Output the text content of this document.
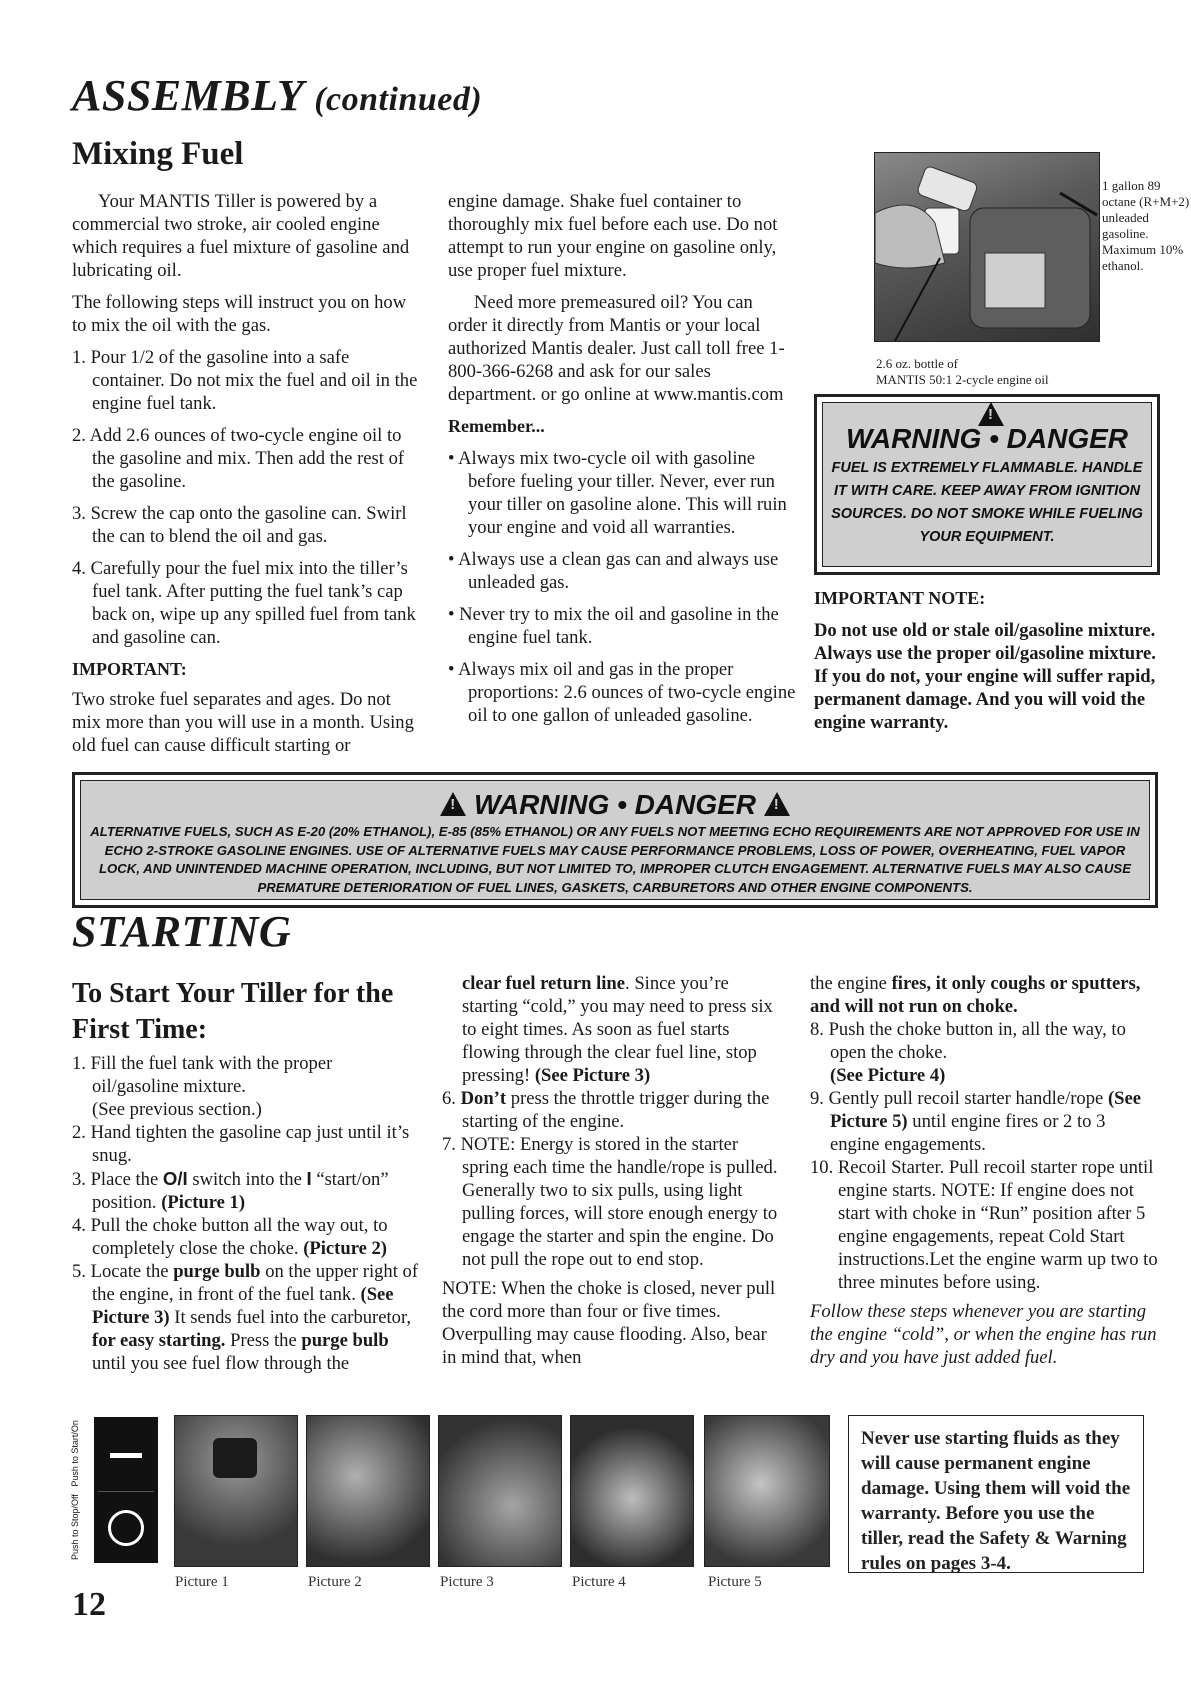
ASSEMBLY (continued)
Mixing Fuel

Your MANTIS Tiller is powered by a commercial two stroke, air cooled engine which requires a fuel mixture of gasoline and lubricating oil.

The following steps will instruct you on how to mix the oil with the gas.

1. Pour 1/2 of the gasoline into a safe container. Do not mix the fuel and oil in the engine fuel tank.
2. Add 2.6 ounces of two-cycle engine oil to the gasoline and mix. Then add the rest of the gasoline.
3. Screw the cap onto the gasoline can. Swirl the can to blend the oil and gas.
4. Carefully pour the fuel mix into the tiller’s fuel tank. After putting the fuel tank’s cap back on, wipe up any spilled fuel from tank and gasoline can.
IMPORTANT:

Two stroke fuel separates and ages. Do not mix more than you will use in a month. Using old fuel can cause difficult starting or

engine damage. Shake fuel container to thoroughly mix fuel before each use. Do not attempt to run your engine on gasoline only, use proper fuel mixture.

Need more premeasured oil? You can order it directly from Mantis or your local authorized Mantis dealer. Just call toll free 1-800-366-6268 and ask for our sales department. or go online at www.mantis.com

Remember...
• Always mix two-cycle oil with gasoline before fueling your tiller. Never, ever run your tiller on gasoline alone. This will ruin your engine and void all warranties.
• Always use a clean gas can and always use unleaded gas.
• Never try to mix the oil and gasoline in the engine fuel tank.
• Always mix oil and gas in the proper proportions: 2.6 ounces of two-cycle engine oil to one gallon of unleaded gasoline.
1 gallon 89 octane (R+M+2) unleaded gasoline. Maximum 10% ethanol.
2.6 oz. bottle of
MANTIS 50:1 2-cycle engine oil
WARNING • DANGER
FUEL IS EXTREMELY FLAMMABLE. HANDLE IT WITH CARE. KEEP AWAY FROM IGNITION SOURCES. DO NOT SMOKE WHILE FUELING YOUR EQUIPMENT.
!
IMPORTANT NOTE:

Do not use old or stale oil/gasoline mixture. Always use the proper oil/gasoline mixture. If you do not, your engine will suffer rapid, permanent damage. And you will void the engine warranty.

! WARNING • DANGER !
ALTERNATIVE FUELS, SUCH AS E-20 (20% ETHANOL), E-85 (85% ETHANOL) OR ANY FUELS NOT MEETING ECHO REQUIREMENTS ARE NOT APPROVED FOR USE IN ECHO 2-STROKE GASOLINE ENGINES. USE OF ALTERNATIVE FUELS MAY CAUSE PERFORMANCE PROBLEMS, LOSS OF POWER, OVERHEATING, FUEL VAPOR LOCK, AND UNINTENDED MACHINE OPERATION, INCLUDING, BUT NOT LIMITED TO, IMPROPER CLUTCH ENGAGEMENT. ALTERNATIVE FUELS MAY ALSO CAUSE PREMATURE DETERIORATION OF FUEL LINES, GASKETS, CARBURETORS AND OTHER ENGINE COMPONENTS.
STARTING
To Start Your Tiller for the First Time:
1. Fill the fuel tank with the proper oil/gasoline mixture.
(See previous section.)
2. Hand tighten the gasoline cap just until it’s snug.
3. Place the O/I switch into the I “start/on” position. (Picture 1)
4. Pull the choke button all the way out, to completely close the choke. (Picture 2)
5. Locate the purge bulb on the upper right of the engine, in front of the fuel tank. (See Picture 3) It sends fuel into the carburetor, for easy starting. Press the purge bulb until you see fuel flow through the
clear fuel return line. Since you’re starting “cold,” you may need to press six to eight times. As soon as fuel starts flowing through the clear fuel line, stop pressing! (See Picture 3)
6. Don’t press the throttle trigger during the starting of the engine.
7. NOTE: Energy is stored in the starter spring each time the handle/rope is pulled. Generally two to six pulls, using light pulling forces, will store enough energy to engage the starter and spin the engine. Do not pull the rope out to end stop.
NOTE: When the choke is closed, never pull the cord more than four or five times. Overpulling may cause flooding. Also, bear in mind that, when
the engine fires, it only coughs or sputters, and will not run on choke.
8. Push the choke button in, all the way, to open the choke.
(See Picture 4)
9. Gently pull recoil starter handle/rope (See Picture 5) until engine fires or 2 to 3 engine engagements.
10. Recoil Starter. Pull recoil starter rope until engine starts. NOTE: If engine does not start with choke in “Run” position after 5 engine engagements, repeat Cold Start instructions.Let the engine warm up two to three minutes before using.
Follow these steps whenever you are starting the engine “cold”, or when the engine has run dry and you have just added fuel.
Never use starting fluids as they will cause permanent engine damage. Using them will void the warranty. Before you use the tiller, read the Safety & Warning rules on pages 3-4.
Push to Stop/Off   Push to Start/On
Picture 1	Picture 2	Picture 3	Picture 4	Picture 5
12
